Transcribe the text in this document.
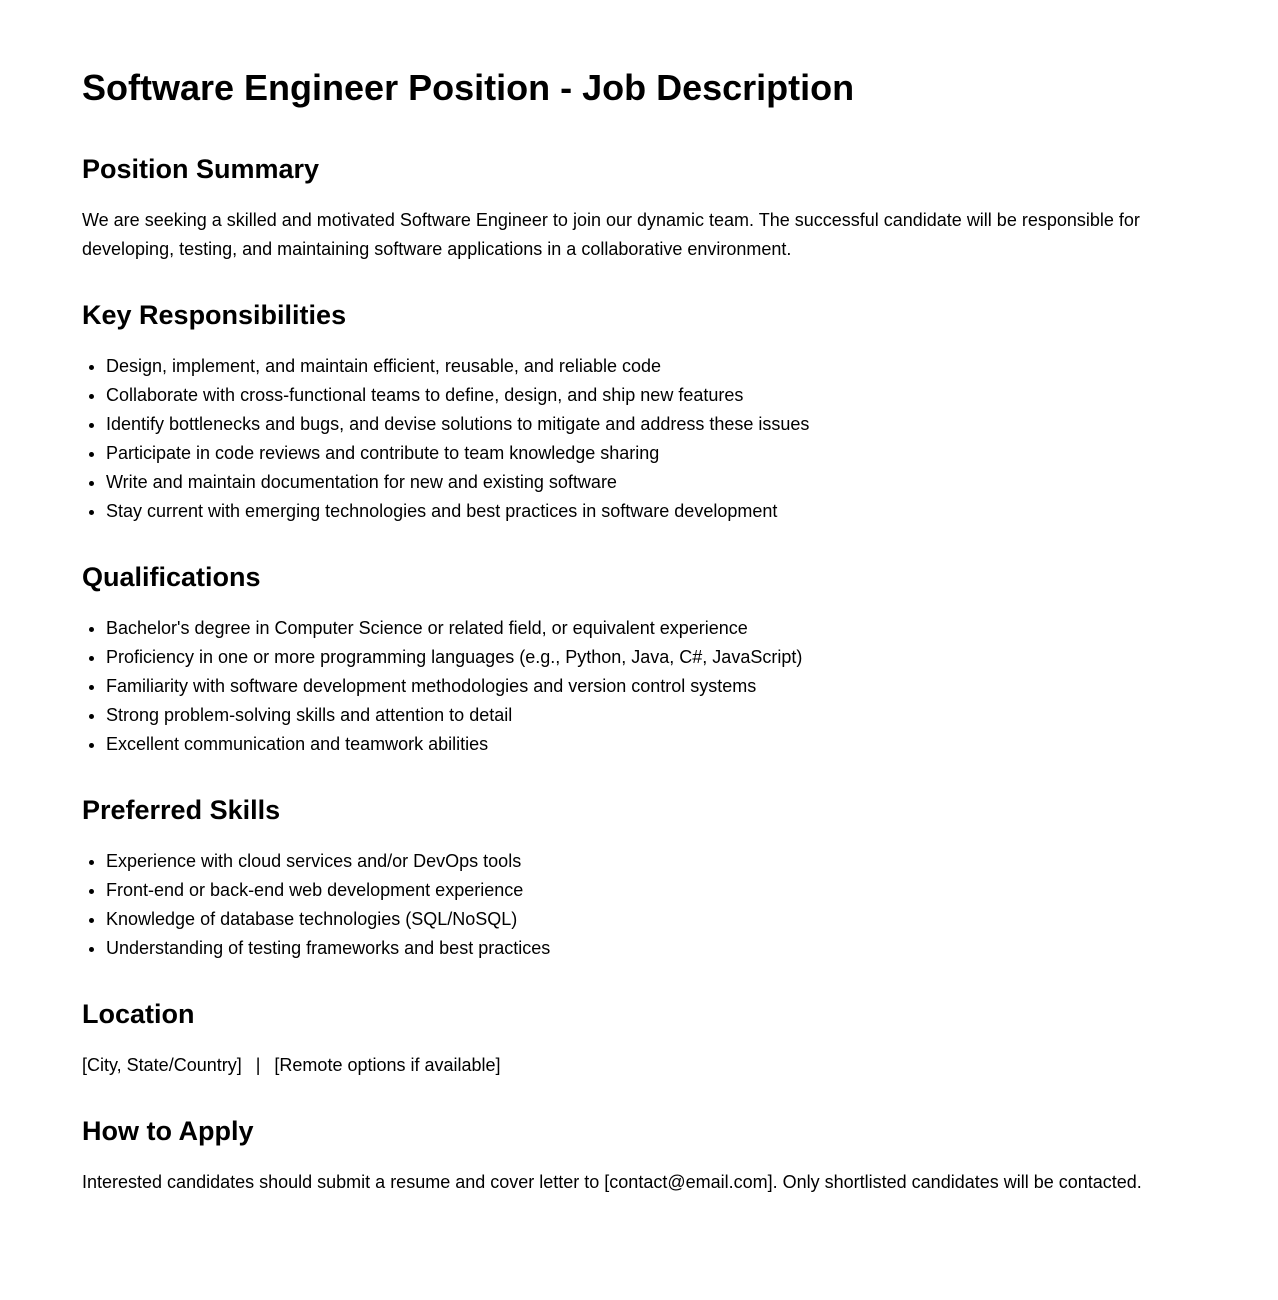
Software Engineer Position - Job Description
Position Summary

We are seeking a skilled and motivated Software Engineer to join our dynamic team. The successful candidate will be responsible for developing, testing, and maintaining software applications in a collaborative environment.

Key Responsibilities
• Design, implement, and maintain efficient, reusable, and reliable code
• Collaborate with cross-functional teams to define, design, and ship new features
• Identify bottlenecks and bugs, and devise solutions to mitigate and address these issues
• Participate in code reviews and contribute to team knowledge sharing
• Write and maintain documentation for new and existing software
• Stay current with emerging technologies and best practices in software development
Qualifications
• Bachelor's degree in Computer Science or related field, or equivalent experience
• Proficiency in one or more programming languages (e.g., Python, Java, C#, JavaScript)
• Familiarity with software development methodologies and version control systems
• Strong problem-solving skills and attention to detail
• Excellent communication and teamwork abilities
Preferred Skills
• Experience with cloud services and/or DevOps tools
• Front-end or back-end web development experience
• Knowledge of database technologies (SQL/NoSQL)
• Understanding of testing frameworks and best practices
Location

[City, State/Country] | [Remote options if available]

How to Apply

Interested candidates should submit a resume and cover letter to [contact@email.com]. Only shortlisted candidates will be contacted.
